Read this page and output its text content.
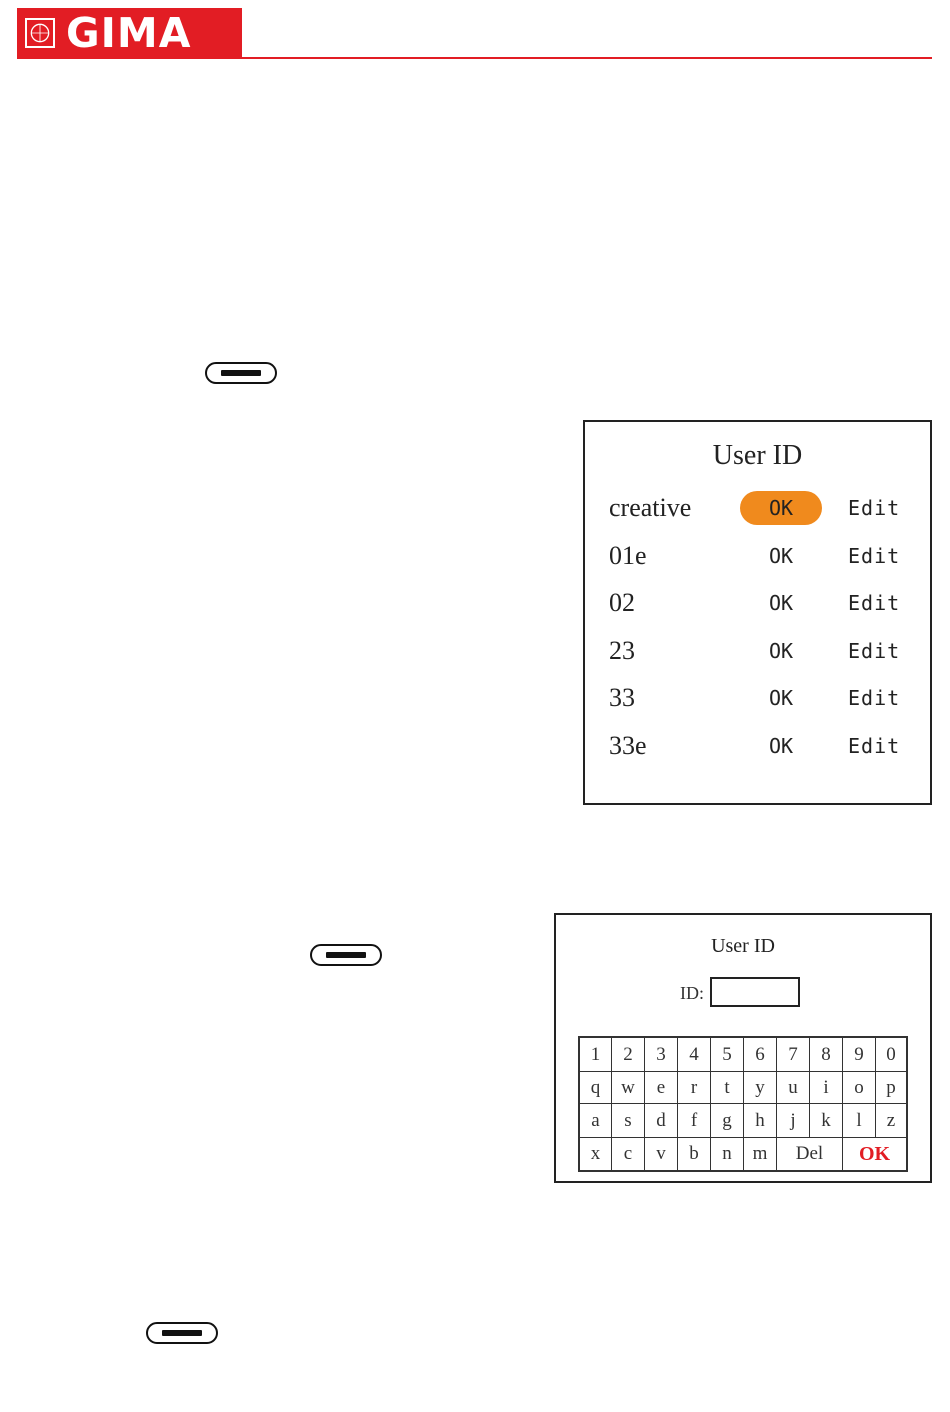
GIMA
User ID
creative	OK	Edit
01e	OK	Edit
02	OK	Edit
23	OK	Edit
33	OK	Edit
33e	OK	Edit
User ID
ID:
1	2	3	4	5	6	7	8	9	0
q	w	e	r	t	y	u	i	o	p
a	s	d	f	g	h	j	k	l	z
x	c	v	b	n	m	Del	OK
